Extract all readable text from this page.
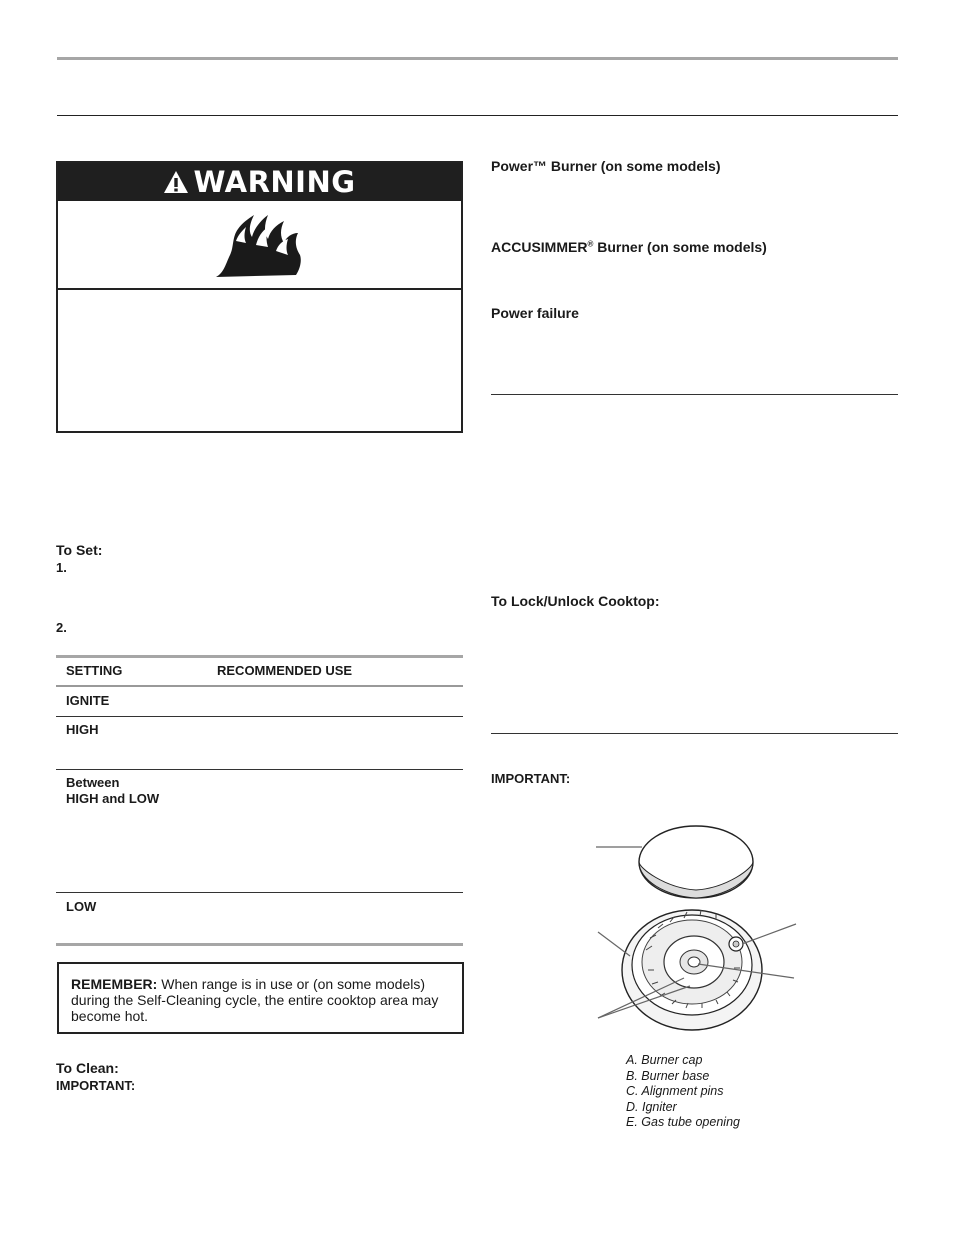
WARNING
To Set:
1.
2.
SETTING	RECOMMENDED USE
IGNITE
HIGH
Between
HIGH and LOW
LOW

REMEMBER: When range is in use or (on some models) during the Self-Cleaning cycle, the entire cooktop area may become hot.

To Clean:
IMPORTANT:
Power™ Burner (on some models)
ACCUSIMMER® Burner (on some models)
Power failure
To Lock/Unlock Cooktop:
IMPORTANT:
A. Burner cap
B. Burner base
C. Alignment pins
D. Igniter
E. Gas tube opening
